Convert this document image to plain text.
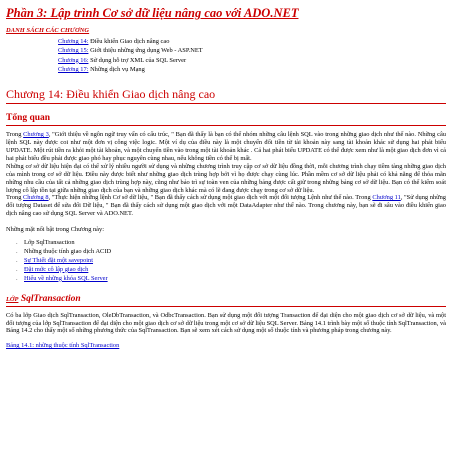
Phần 3: Lập trình Cơ sở dữ liệu nâng cao với ADO.NET
DANH SÁCH CÁC CHƯƠNG
Chương 14: Điều khiển Giao dịch nâng cao
Chương 15: Giới thiệu những ứng dụng Web - ASP.NET
Chương 16: Sử dụng hỗ trợ XML của SQL Server
Chương 17: Những dịch vụ Mạng
Chương 14: Điều khiển Giao dịch nâng cao
Tổng quan

Trong Chương 3, "Giới thiệu về ngôn ngữ truy vấn có cấu trúc, " Bạn đã thấy là bạn có thể nhóm những câu lệnh SQL vào trong những giao dịch như thế nào. Những câu lệnh SQL này được coi như một đơn vị công việc logic. Một ví dụ của điều này là một chuyển đổi tiền từ tài khoản này sang tài khoản khác sử dụng hai phát biểu UPDATE. Một rút tiền ra khỏi một tài khoản, và một chuyển tiền vào trong một tài khoản khác . Cả hai phát biểu UPDATE có thể được xem như là một giao dịch đơn vì cả hai phát biểu đều phải được giao phó hay phục nguyên cùng nhau, nếu không tiền có thể bị mất.

Những cơ sở dữ liệu hiện đại có thể xử lý nhiều người sử dụng và những chương trình truy cập cơ sở dữ liệu đồng thời, mỗi chương trình chạy tiềm tàng những giao dịch của mình trong cơ sở dữ liệu. Điều này được biết như những giao dịch trùng hợp bởi vì họ được chạy cùng lúc. Phần mềm cơ sở dữ liệu phải có khả năng để thỏa mãn những nhu cầu của tất cả những giao dịch trùng hợp này, cũng như bảo trì sự toàn ven của những bảng được cất giữ trong những bảng cơ sở dữ liệu. Bạn có thể kiểm soát lượng cô lập tồn tại giữa những giao dịch của bạn và những giao dịch khác mà có lẽ đang được chạy trong cơ sở dữ liệu.

Trong Chương 8, "Thực hiện những lệnh Cơ sở dữ liệu, " Bạn đã thấy cách sử dụng một giao dịch với một đối tượng Lệnh như thế nào. Trong Chương 11, "Sử dụng những đối tượng Dataset để sửa đổi Dữ liệu, " Bạn đã thấy cách sử dụng một giao dịch với một DataAdapter như thế nào. Trong chương này, bạn sẽ đi sâu vào điều khiển giao dịch nâng cao sử dụng SQL Server và ADO.NET.

Những mặt nổi bật trong Chương này:

. Lớp SqlTransaction
. Những thuộc tính giao dịch ACID
. Sự Thiết đặt một savepoint
. Đặt mức cô lập giao dịch
. Hiểu về những khóa SQL Server
LỚP SqlTransaction

Có ba lớp Giao dịch SqlTransaction, OleDbTransaction, và OdbcTransaction. Bạn sử dụng một đối tượng Transaction để đại diện cho một giao dịch cơ sở dữ liệu, và một đối tượng của lớp SqlTransaction để đại diện cho một giao dịch cơ sở dữ liệu trong một cơ sở dữ liệu SQL Server. Bảng 14.1 trình bày một số thuộc tính SqlTransaction, và Bảng 14.2 cho thấy một số những phương thức của SqlTransaction. Bạn sẽ xem xét cách sử dụng một số thuộc tính và phương pháp trong chương này.

Bảng 14.1: những thuộc tính SqlTransaction
